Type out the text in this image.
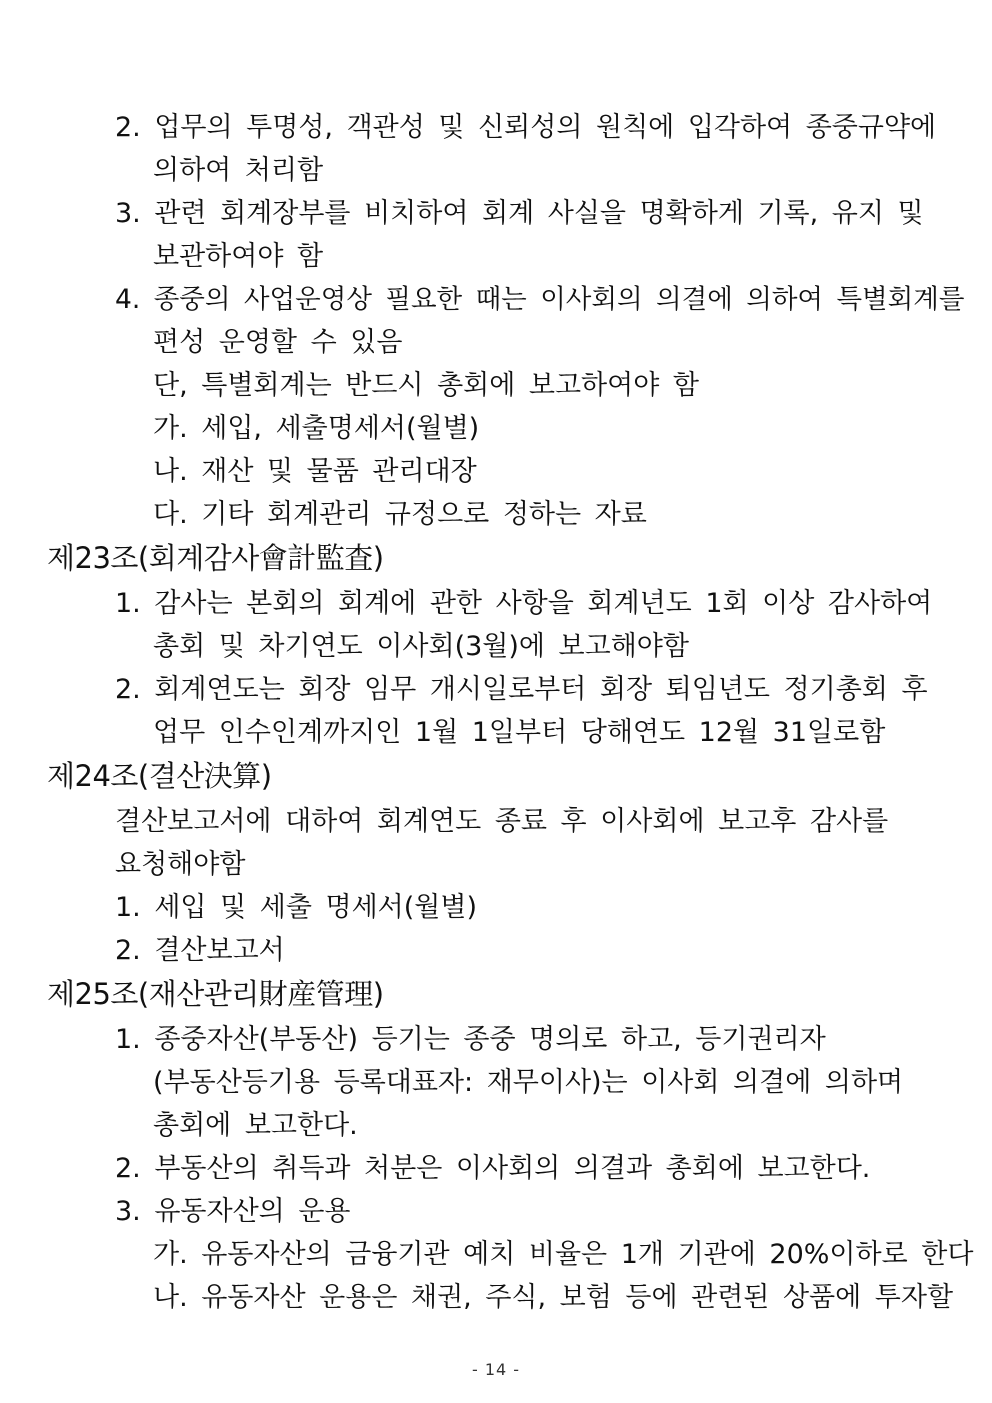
2. 업무의 투명성, 객관성 및 신뢰성의 원칙에 입각하여 종중규약에
의하여 처리함
3. 관련 회계장부를 비치하여 회계 사실을 명확하게 기록, 유지 및
보관하여야 함
4. 종중의 사업운영상 필요한 때는 이사회의 의결에 의하여 특별회계를
편성 운영할 수 있음
단, 특별회계는 반드시 총회에 보고하여야 함
가. 세입, 세출명세서(월별)
나. 재산 및 물품 관리대장
다. 기타 회계관리 규정으로 정하는 자료
제23조(회계감사會計監査)
1. 감사는 본회의 회계에 관한 사항을 회계년도 1회 이상 감사하여
총회 및 차기연도 이사회(3월)에 보고해야함
2. 회계연도는 회장 임무 개시일로부터 회장 퇴임년도 정기총회 후
업무 인수인계까지인 1월 1일부터 당해연도 12월 31일로함
제24조(결산決算)
결산보고서에 대하여 회계연도 종료 후 이사회에 보고후 감사를
요청해야함
1. 세입 및 세출 명세서(월별)
2. 결산보고서
제25조(재산관리財産管理)
1. 종중자산(부동산) 등기는 종중 명의로 하고, 등기권리자
(부동산등기용 등록대표자: 재무이사)는 이사회 의결에 의하며
총회에 보고한다.
2. 부동산의 취득과 처분은 이사회의 의결과 총회에 보고한다.
3. 유동자산의 운용
가. 유동자산의 금융기관 예치 비율은 1개 기관에 20%이하로 한다
나. 유동자산 운용은 채권, 주식, 보험 등에 관련된 상품에 투자할
- 14 -
